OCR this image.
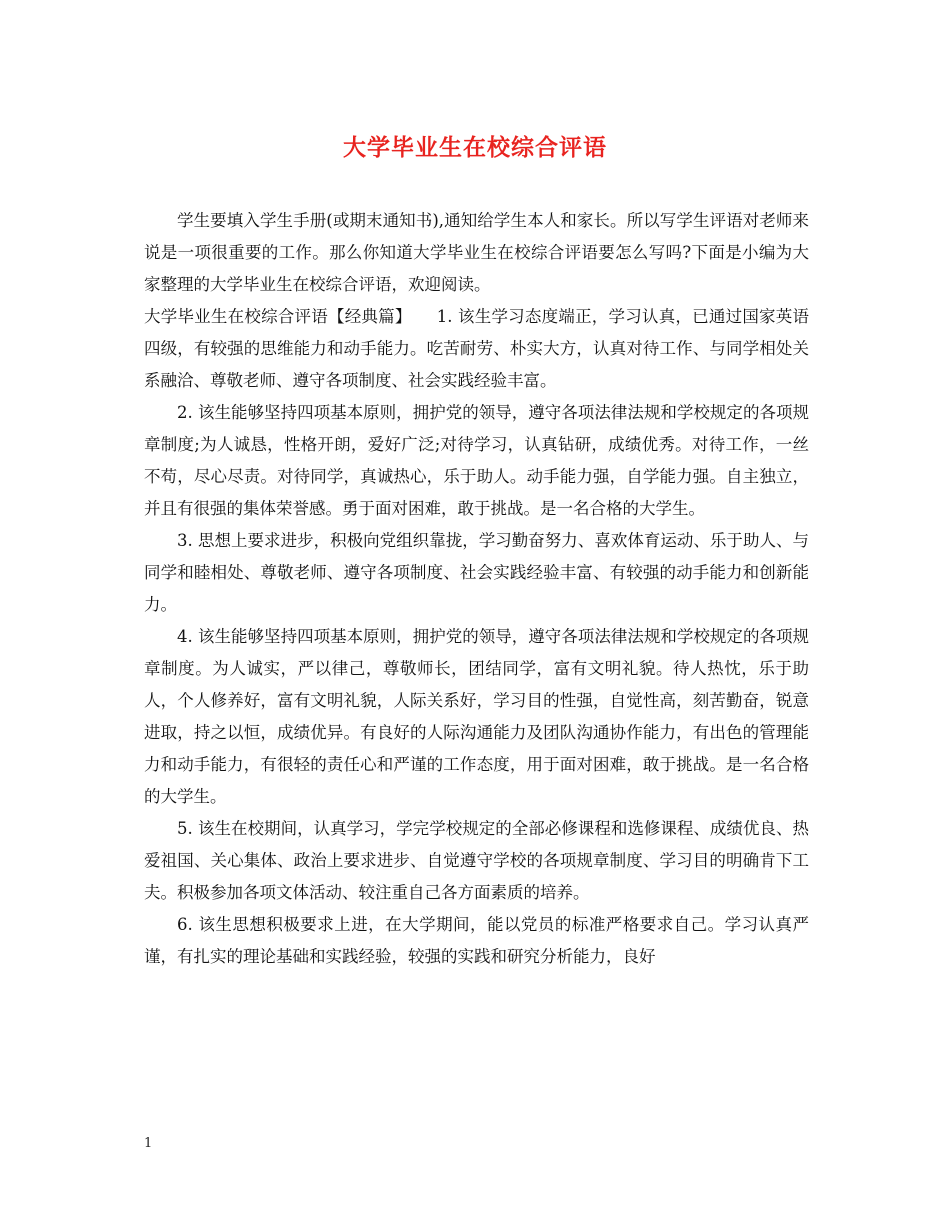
大学毕业生在校综合评语

学生要填入学生手册(或期末通知书),通知给学生本人和家长。所以写学生评语对老师来说是一项很重要的工作。那么你知道大学毕业生在校综合评语要怎么写吗?下面是小编为大家整理的大学毕业生在校综合评语，欢迎阅读。

大学毕业生在校综合评语【经典篇】　　1. 该生学习态度端正，学习认真，已通过国家英语四级，有较强的思维能力和动手能力。吃苦耐劳、朴实大方，认真对待工作、与同学相处关系融洽、尊敬老师、遵守各项制度、社会实践经验丰富。

2. 该生能够坚持四项基本原则，拥护党的领导，遵守各项法律法规和学校规定的各项规章制度;为人诚恳，性格开朗，爱好广泛;对待学习，认真钻研，成绩优秀。对待工作，一丝不苟，尽心尽责。对待同学，真诚热心，乐于助人。动手能力强，自学能力强。自主独立，并且有很强的集体荣誉感。勇于面对困难，敢于挑战。是一名合格的大学生。

3. 思想上要求进步，积极向党组织靠拢，学习勤奋努力、喜欢体育运动、乐于助人、与同学和睦相处、尊敬老师、遵守各项制度、社会实践经验丰富、有较强的动手能力和创新能力。

4. 该生能够坚持四项基本原则，拥护党的领导，遵守各项法律法规和学校规定的各项规章制度。为人诚实，严以律己，尊敬师长，团结同学，富有文明礼貌。待人热忱，乐于助人，个人修养好，富有文明礼貌，人际关系好，学习目的性强，自觉性高，刻苦勤奋，锐意进取，持之以恒，成绩优异。有良好的人际沟通能力及团队沟通协作能力，有出色的管理能力和动手能力，有很轻的责任心和严谨的工作态度，用于面对困难，敢于挑战。是一名合格的大学生。

5. 该生在校期间，认真学习，学完学校规定的全部必修课程和选修课程、成绩优良、热爱祖国、关心集体、政治上要求进步、自觉遵守学校的各项规章制度、学习目的明确肯下工夫。积极参加各项文体活动、较注重自己各方面素质的培养。

6. 该生思想积极要求上进，在大学期间，能以党员的标准严格要求自己。学习认真严谨，有扎实的理论基础和实践经验，较强的实践和研究分析能力，良好

1
